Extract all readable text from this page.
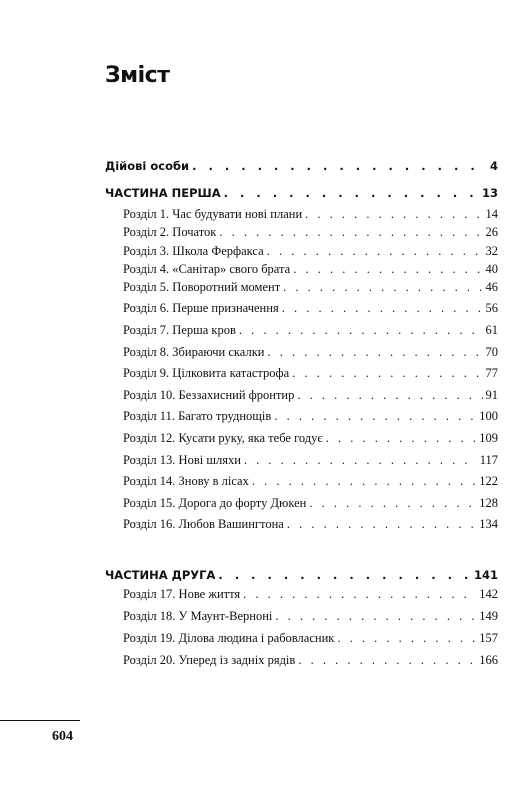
Зміст
Дійові особи . . .	4
ЧАСТИНА ПЕРША . . .	13
Розділ 1. Час будувати нові плани . . .	14
Розділ 2. Початок . . .	26
Розділ 3. Школа Ферфакса . . .	32
Розділ 4. «Санітар» свого брата . . .	40
Розділ 5. Поворотний момент . . .	46
Розділ 6. Перше призначення . . .	56
Розділ 7. Перша кров . . .	61
Розділ 8. Збираючи скалки . . .	70
Розділ 9. Цілковита катастрофа . . .	77
Розділ 10. Беззахисний фронтир . . .	91
Розділ 11. Багато труднощів . . .	100
Розділ 12. Кусати руку, яка тебе годує . . .	109
Розділ 13. Нові шляхи . . .	117
Розділ 14. Знову в лісах . . .	122
Розділ 15. Дорога до форту Дюкен . . .	128
Розділ 16. Любов Вашингтона . . .	134
ЧАСТИНА ДРУГА . . .	141
Розділ 17. Нове життя . . .	142
Розділ 18. У Маунт-Верноні . . .	149
Розділ 19. Ділова людина і рабовласник . . .	157
Розділ 20. Уперед із задніх рядів . . .	166
604
